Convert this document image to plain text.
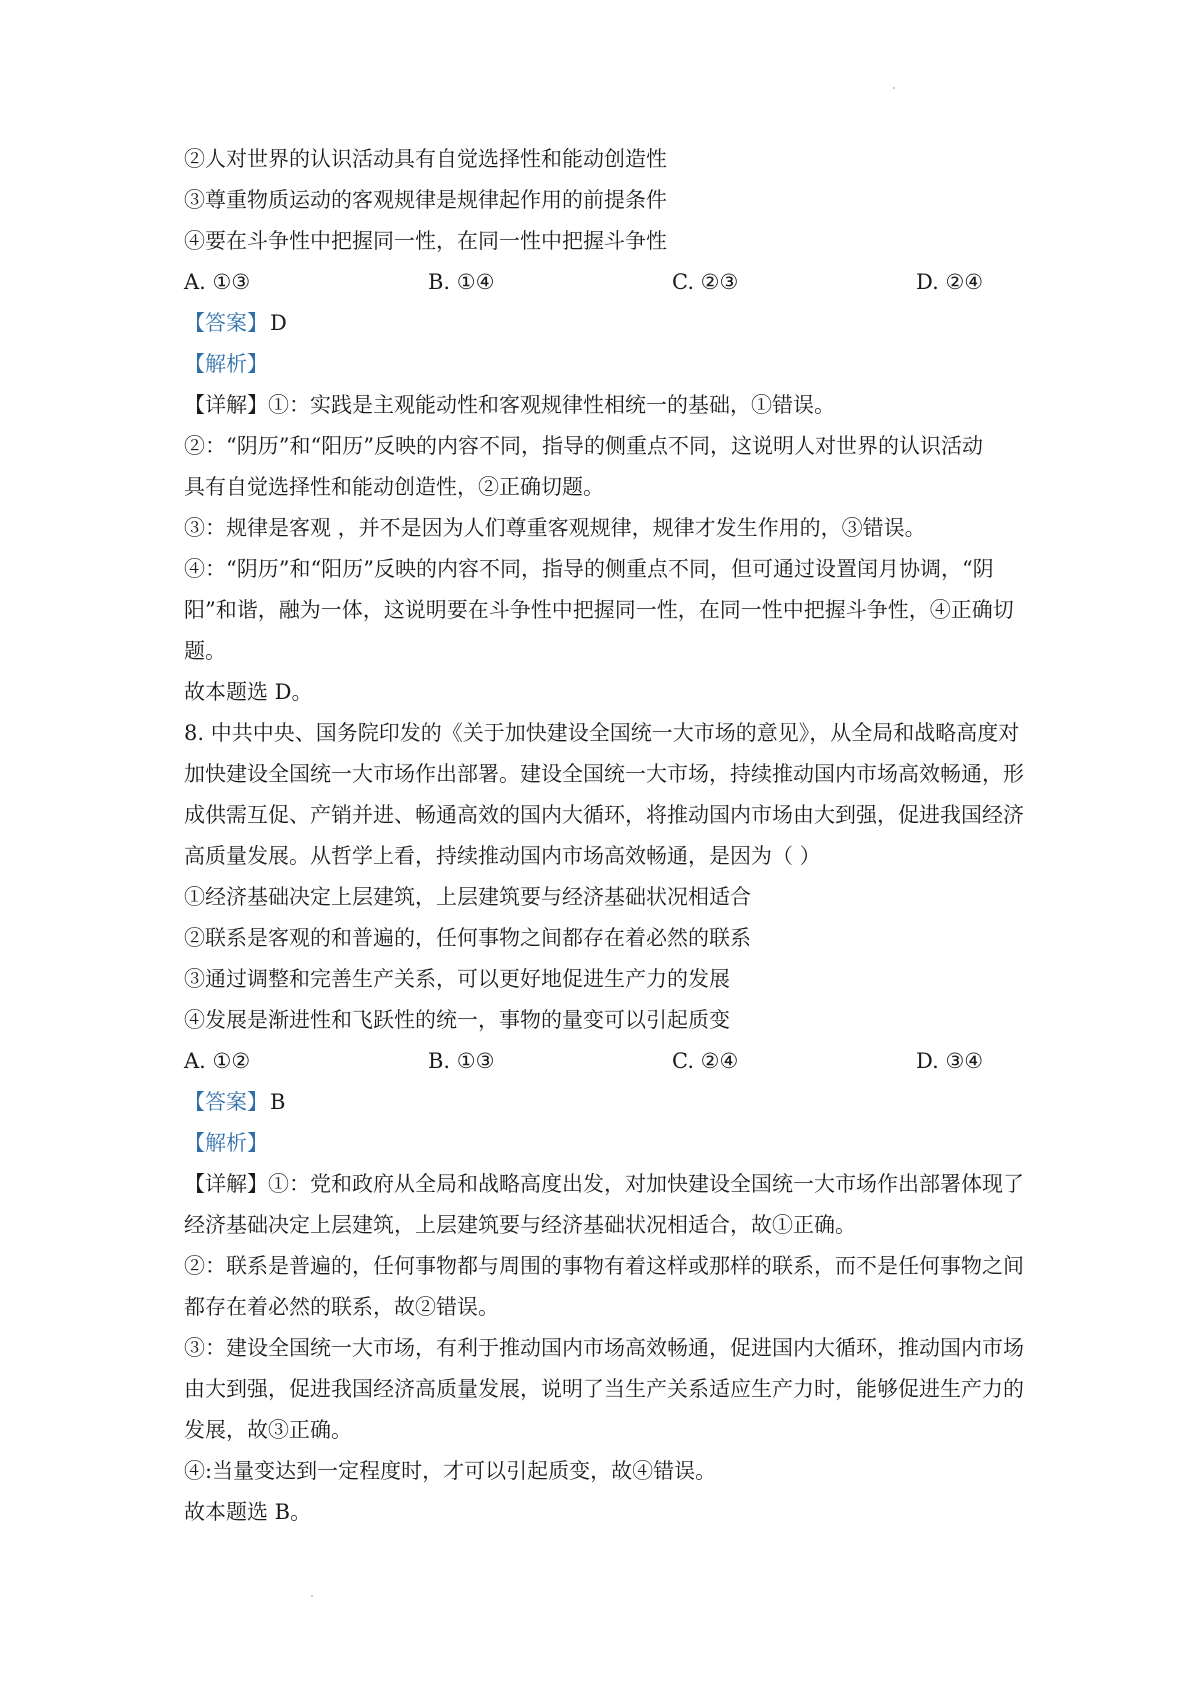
②人对世界的认识活动具有自觉选择性和能动创造性
③尊重物质运动的客观规律是规律起作用的前提条件
④要在斗争性中把握同一性，在同一性中把握斗争性
A. ①③	B. ①④	C. ②③	D. ②④
【答案】D
【解析】
【详解】①：实践是主观能动性和客观规律性相统一的基础，①错误。
②：“阴历”和“阳历”反映的内容不同，指导的侧重点不同，这说明人对世界的认识活动
具有自觉选择性和能动创造性，②正确切题。
③：规律是客观 ，并不是因为人们尊重客观规律，规律才发生作用的，③错误。
④：“阴历”和“阳历”反映的内容不同，指导的侧重点不同，但可通过设置闰月协调，“阴
阳”和谐，融为一体，这说明要在斗争性中把握同一性，在同一性中把握斗争性，④正确切
题。
故本题选 D。
8. 中共中央、国务院印发的《关于加快建设全国统一大市场的意见》，从全局和战略高度对
加快建设全国统一大市场作出部署。建设全国统一大市场，持续推动国内市场高效畅通，形
成供需互促、产销并进、畅通高效的国内大循环，将推动国内市场由大到强，促进我国经济
高质量发展。从哲学上看，持续推动国内市场高效畅通，是因为（ ）
①经济基础决定上层建筑，上层建筑要与经济基础状况相适合
②联系是客观的和普遍的，任何事物之间都存在着必然的联系
③通过调整和完善生产关系，可以更好地促进生产力的发展
④发展是渐进性和飞跃性的统一，事物的量变可以引起质变
A. ①②	B. ①③	C. ②④	D. ③④
【答案】B
【解析】
【详解】①：党和政府从全局和战略高度出发，对加快建设全国统一大市场作出部署体现了
经济基础决定上层建筑，上层建筑要与经济基础状况相适合，故①正确。
②：联系是普遍的，任何事物都与周围的事物有着这样或那样的联系，而不是任何事物之间
都存在着必然的联系，故②错误。
③：建设全国统一大市场，有利于推动国内市场高效畅通，促进国内大循环，推动国内市场
由大到强，促进我国经济高质量发展，说明了当生产关系适应生产力时，能够促进生产力的
发展，故③正确。
④:当量变达到一定程度时，才可以引起质变，故④错误。
故本题选 B。
